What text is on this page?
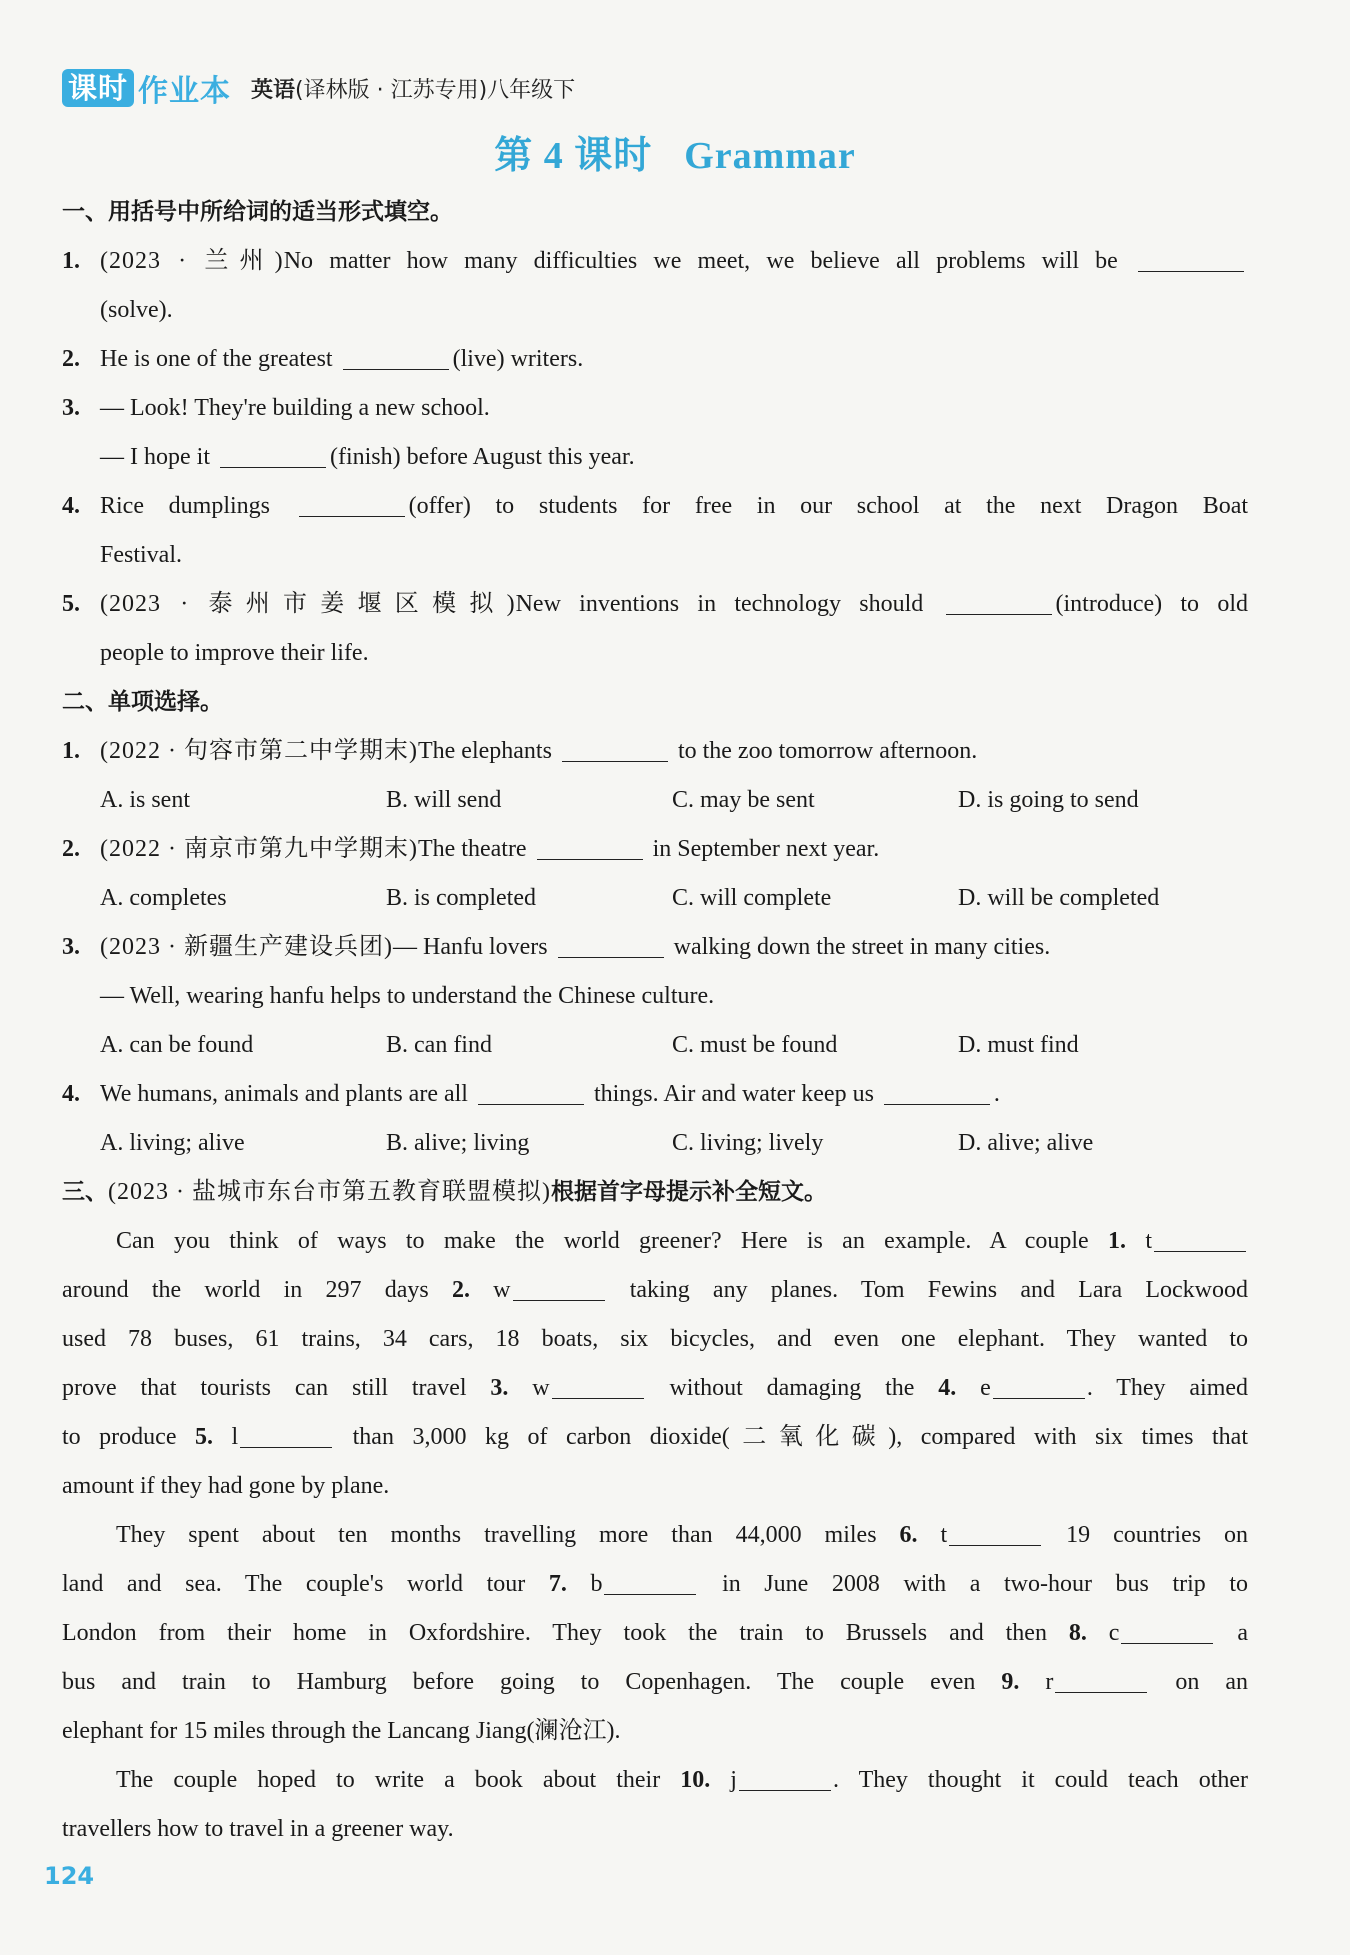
课时 作业本 英语(译林版 · 江苏专用)八年级下
第 4 课时 Grammar
一、用括号中所给词的适当形式填空。
1. (2023 · 兰州)No matter how many difficulties we meet, we believe all problems will be
(solve).
2. He is one of the greatest	(live) writers.
3. — Look! They're building a new school.
— I hope it	(finish) before August this year.
4. Rice dumplings	(offer) to students for free in our school at the next Dragon Boat
Festival.
5. (2023 · 泰州市姜堰区模拟)New inventions in technology should	(introduce) to old
people to improve their life.
二、单项选择。
1. (2022 · 句容市第二中学期末)The elephants	to the zoo tomorrow afternoon.
A. is sent	B. will send	C. may be sent	D. is going to send
2. (2022 · 南京市第九中学期末)The theatre	in September next year.
A. completes	B. is completed	C. will complete	D. will be completed
3. (2023 · 新疆生产建设兵团)— Hanfu lovers	walking down the street in many cities.
— Well, wearing hanfu helps to understand the Chinese culture.
A. can be found	B. can find	C. must be found	D. must find
4. We humans, animals and plants are all	things. Air and water keep us	.
A. living; alive	B. alive; living	C. living; lively	D. alive; alive
三、(2023 · 盐城市东台市第五教育联盟模拟)根据首字母提示补全短文。
Can you think of ways to make the world greener? Here is an example. A couple 1. t
around the world in 297 days 2. w	taking any planes. Tom Fewins and Lara Lockwood
used 78 buses, 61 trains, 34 cars, 18 boats, six bicycles, and even one elephant. They wanted to
prove that tourists can still travel 3. w	without damaging the 4. e	. They aimed
to produce 5. l	than 3,000 kg of carbon dioxide(二氧化碳), compared with six times that
amount if they had gone by plane.
They spent about ten months travelling more than 44,000 miles 6. t	19 countries on
land and sea. The couple's world tour 7. b	in June 2008 with a two-hour bus trip to
London from their home in Oxfordshire. They took the train to Brussels and then 8. c	a
bus and train to Hamburg before going to Copenhagen. The couple even 9. r	on an
elephant for 15 miles through the Lancang Jiang(澜沧江).
The couple hoped to write a book about their 10. j	. They thought it could teach other
travellers how to travel in a greener way.
124
